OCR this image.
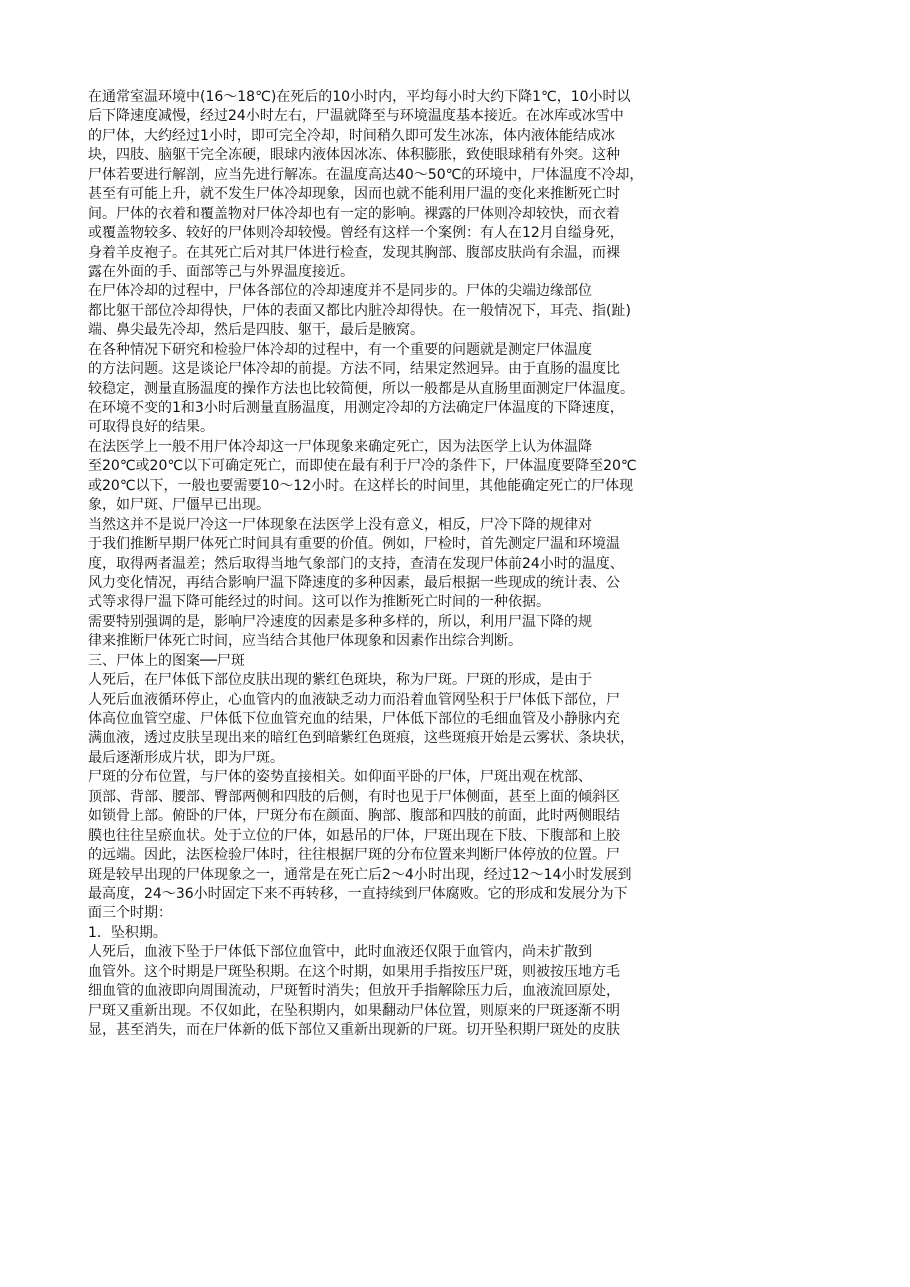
在通常室温环境中(16～18℃)在死后的10小时内，平均每小时大约下降1℃，10小时以
后下降速度减慢，经过24小时左右，尸温就降至与环境温度基本接近。在冰库或冰雪中
的尸体，大约经过1小时，即可完全冷却，时间稍久即可发生冰冻，体内液体能结成冰
块，四肢、脑躯干完全冻硬，眼球内液体因冰冻、体积膨胀，致使眼球稍有外突。这种
尸体若要进行解剖，应当先进行解冻。在温度高达40～50℃的环境中，尸体温度不冷却，
甚至有可能上升，就不发生尸体冷却现象，因而也就不能利用尸温的变化来推断死亡时
间。尸体的衣着和覆盖物对尸体冷却也有一定的影响。裸露的尸体则冷却较快，而衣着
或覆盖物较多、较好的尸体则冷却较慢。曾经有这样一个案例：有人在12月自缢身死，
身着羊皮袍子。在其死亡后对其尸体进行检查，发现其胸部、腹部皮肤尚有余温，而裸
露在外面的手、面部等己与外界温度接近。
在尸体冷却的过程中，尸体各部位的冷却速度并不是同步的。尸体的尖端边缘部位
都比躯干部位冷却得快，尸体的表面又都比内脏冷却得快。在一般情况下，耳壳、指(趾)
端、鼻尖最先冷却，然后是四肢、躯干，最后是腋窝。
在各种情况下研究和检验尸体冷却的过程中，有一个重要的问题就是测定尸体温度
的方法问题。这是谈论尸体冷却的前提。方法不同，结果定然迥异。由于直肠的温度比
较稳定，测量直肠温度的操作方法也比较简便，所以一般都是从直肠里面测定尸体温度。
在环境不变的1和3小时后测量直肠温度，用测定冷却的方法确定尸体温度的下降速度，
可取得良好的结果。
在法医学上一般不用尸体冷却这一尸体现象来确定死亡，因为法医学上认为体温降
至20℃或20℃以下可确定死亡，而即使在最有利于尸冷的条件下，尸体温度要降至20℃
或20℃以下，一般也要需要10～12小时。在这样长的时间里，其他能确定死亡的尸体现
象，如尸斑、尸僵早已出现。
当然这并不是说尸冷这一尸体现象在法医学上没有意义，相反，尸冷下降的规律对
于我们推断早期尸体死亡时间具有重要的价值。例如，尸检时，首先测定尸温和环境温
度，取得两者温差；然后取得当地气象部门的支持，查清在发现尸体前24小时的温度、
风力变化情况，再结合影响尸温下降速度的多种因素，最后根据一些现成的统计表、公
式等求得尸温下降可能经过的时间。这可以作为推断死亡时间的一种依据。
需要特别强调的是，影响尸冷速度的因素是多种多样的，所以，利用尸温下降的规
律来推断尸体死亡时间，应当结合其他尸体现象和因素作出综合判断。
三、尸体上的图案──尸斑
人死后，在尸体低下部位皮肤出现的紫红色斑块，称为尸斑。尸斑的形成，是由于
人死后血液循环停止，心血管内的血液缺乏动力而沿着血管网坠积于尸体低下部位，尸
体高位血管空虚、尸体低下位血管充血的结果，尸体低下部位的毛细血管及小静脉内充
满血液，透过皮肤呈现出来的暗红色到暗紫红色斑痕，这些斑痕开始是云雾状、条块状，
最后逐渐形成片状，即为尸斑。
尸斑的分布位置，与尸体的姿势直接相关。如仰面平卧的尸体，尸斑出观在枕部、
顶部、背部、腰部、臀部两侧和四肢的后侧，有时也见于尸体侧面，甚至上面的倾斜区
如锁骨上部。俯卧的尸体，尸斑分布在颜面、胸部、腹部和四肢的前面，此时两侧眼结
膜也往往呈瘀血状。处于立位的尸体，如悬吊的尸体，尸斑出现在下肢、下腹部和上胶
的远端。因此，法医检验尸体时，往往根据尸斑的分布位置来判断尸体停放的位置。尸
斑是较早出现的尸体现象之一，通常是在死亡后2～4小时出现，经过12～14小时发展到
最高度，24～36小时固定下来不再转移，一直持续到尸体腐败。它的形成和发展分为下
面三个时期：
1．坠积期。
人死后，血液下坠于尸体低下部位血管中，此时血液还仅限于血管内，尚未扩散到
血管外。这个时期是尸斑坠积期。在这个时期，如果用手指按压尸斑，则被按压地方毛
细血管的血液即向周围流动，尸斑暂时消失；但放开手指解除压力后，血液流回原处，
尸斑又重新出现。不仅如此，在坠积期内，如果翻动尸体位置，则原来的尸斑逐渐不明
显，甚至消失，而在尸体新的低下部位又重新出现新的尸斑。切开坠积期尸斑处的皮肤
